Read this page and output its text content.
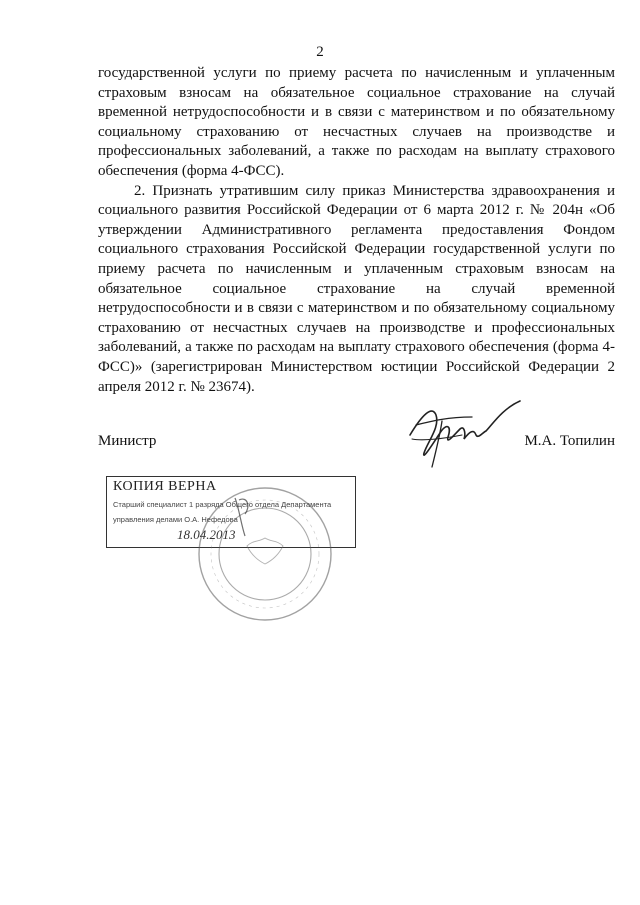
2

государственной услуги по приему расчета по начисленным и уплаченным страховым взносам на обязательное социальное страхование на случай временной нетрудоспособности и в связи с материнством и по обязательному социальному страхованию от несчастных случаев на производстве и профессиональных заболеваний, а также по расходам на выплату страхового обеспечения (форма 4-ФСС).

2. Признать утратившим силу приказ Министерства здравоохранения и социального развития Российской Федерации от 6 марта 2012 г. № 204н «Об утверждении Административного регламента предоставления Фондом социального страхования Российской Федерации государственной услуги по приему расчета по начисленным и уплаченным страховым взносам на обязательное социальное страхование на случай временной нетрудоспособности и в связи с материнством и по обязательному социальному страхованию от несчастных случаев на производстве и профессиональных заболеваний, а также по расходам на выплату страхового обеспечения (форма 4-ФСС)» (зарегистрирован Министерством юстиции Российской Федерации 2 апреля 2012 г. № 23674).

Министр	М.А. Топилин
КОПИЯ ВЕРНА
Старший специалист 1 разряда Общего отдела Департамента
управления делами О.А. Нефедова
18.04.2013
